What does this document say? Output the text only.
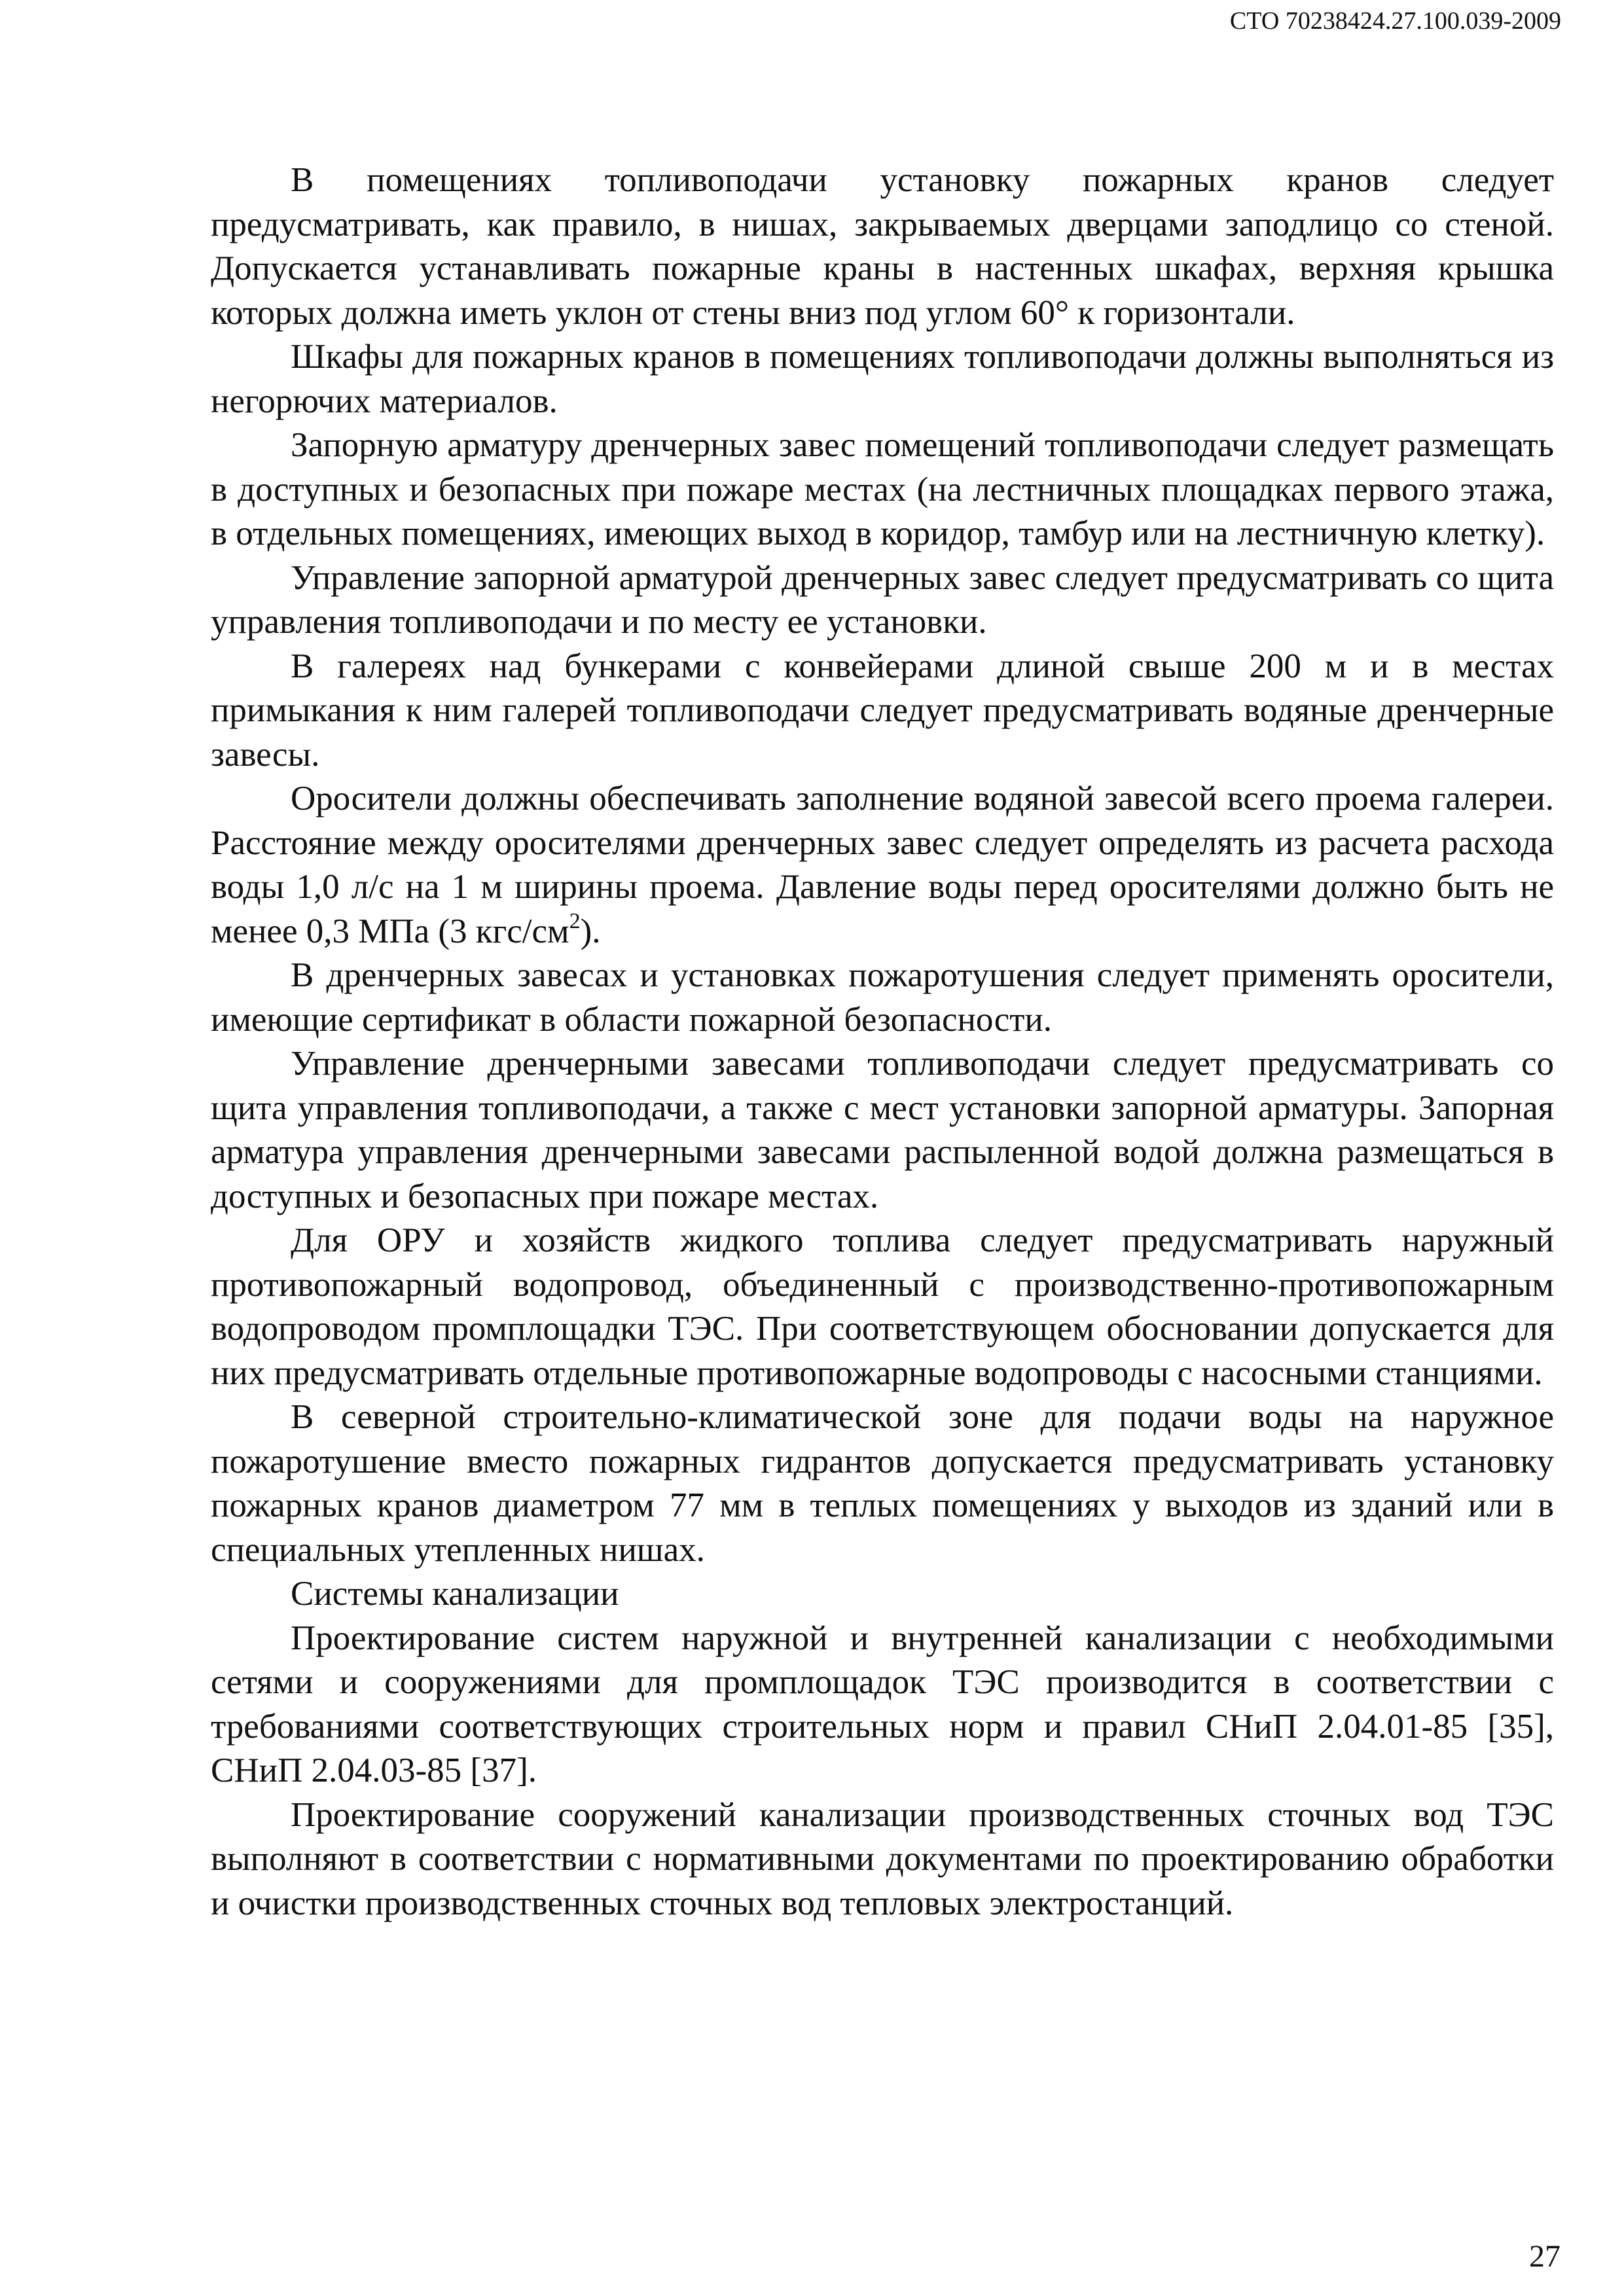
СТО 70238424.27.100.039-2009

В помещениях топливоподачи установку пожарных кранов следует предусматривать, как правило, в нишах, закрываемых дверцами заподлицо со стеной. Допускается устанавливать пожарные краны в настенных шкафах, верхняя крышка которых должна иметь уклон от стены вниз под углом 60° к горизонтали.

Шкафы для пожарных кранов в помещениях топливоподачи должны выполняться из негорючих материалов.

Запорную арматуру дренчерных завес помещений топливоподачи следует размещать в доступных и безопасных при пожаре местах (на лестничных площадках первого этажа, в отдельных помещениях, имеющих выход в коридор, тамбур или на лестничную клетку).

Управление запорной арматурой дренчерных завес следует предусматривать со щита управления топливоподачи и по месту ее установки.

В галереях над бункерами с конвейерами длиной свыше 200 м и в местах примыкания к ним галерей топливоподачи следует предусматривать водяные дренчерные завесы.

Оросители должны обеспечивать заполнение водяной завесой всего проема галереи. Расстояние между оросителями дренчерных завес следует определять из расчета расхода воды 1,0 л/с на 1 м ширины проема. Давление воды перед оросителями должно быть не менее 0,3 МПа (3 кгс/$см^2$).

В дренчерных завесах и установках пожаротушения следует применять оросители, имеющие сертификат в области пожарной безопасности.

Управление дренчерными завесами топливоподачи следует предусматривать со щита управления топливоподачи, а также с мест установки запорной арматуры. Запорная арматура управления дренчерными завесами распыленной водой должна размещаться в доступных и безопасных при пожаре местах.

Для ОРУ и хозяйств жидкого топлива следует предусматривать наружный противопожарный водопровод, объединенный с производственно-противопожарным водопроводом промплощадки ТЭС. При соответствующем обосновании допускается для них предусматривать отдельные противопожарные водопроводы с насосными станциями.

В северной строительно-климатической зоне для подачи воды на наружное пожаротушение вместо пожарных гидрантов допускается предусматривать установку пожарных кранов диаметром 77 мм в теплых помещениях у выходов из зданий или в специальных утепленных нишах.

Системы канализации

Проектирование систем наружной и внутренней канализации с необходимыми сетями и сооружениями для промплощадок ТЭС производится в соответствии с требованиями соответствующих строительных норм и правил СНиП 2.04.01-85 [35], СНиП 2.04.03-85 [37].

Проектирование сооружений канализации производственных сточных вод ТЭС выполняют в соответствии с нормативными документами по проектированию обработки и очистки производственных сточных вод тепловых электростанций.

27
